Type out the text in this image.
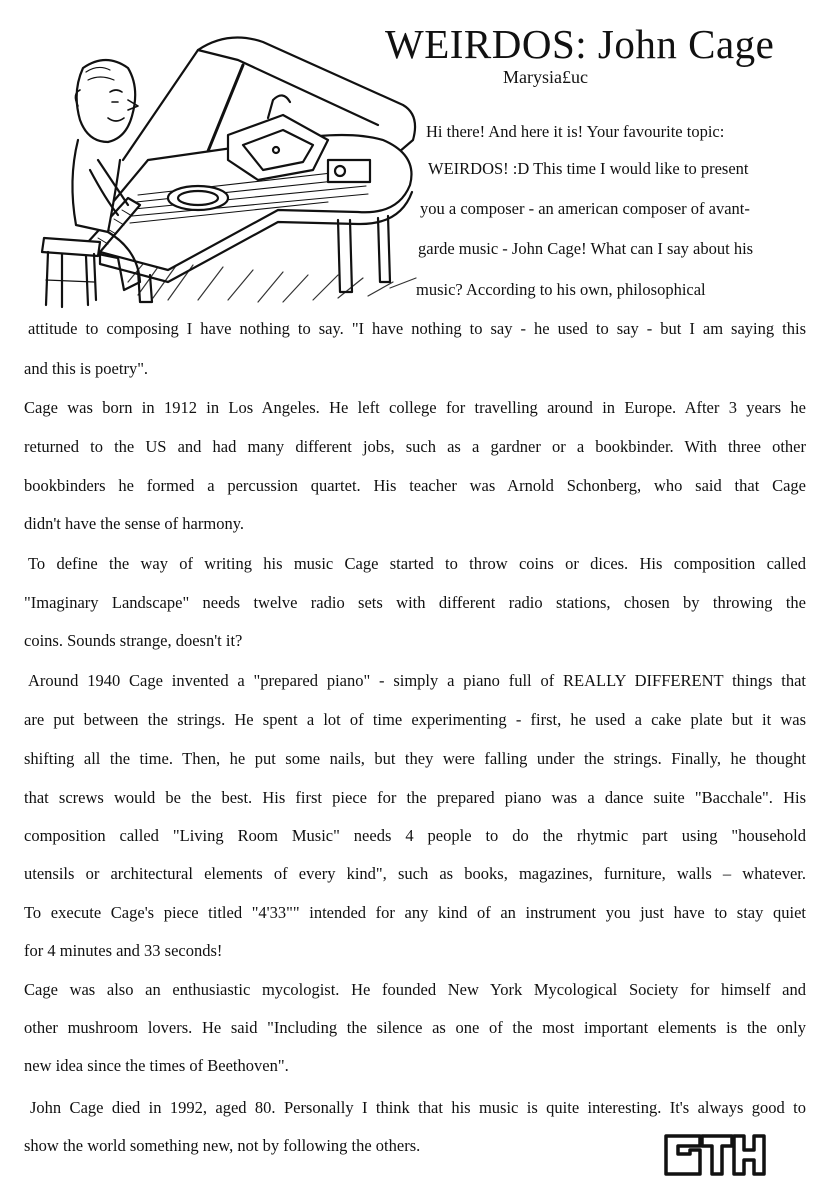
WEIRDOS: John Cage
Marysia£uc
Hi there! And here it is! Your favourite topic:
WEIRDOS! :D This time I would like to present
you a composer - an american composer of avant-
garde music - John Cage! What can I say about his
music? According to his own, philosophical
attitude to composing I have nothing to say. "I have nothing to say - he used to say - but I am saying this
and this is poetry".
Cage was born in 1912 in Los Angeles. He left college for travelling around in Europe. After 3 years he
returned to the US and had many different jobs, such as a gardner or a bookbinder. With three other
bookbinders he formed a percussion quartet. His teacher was Arnold Schonberg, who said that Cage
didn't have the sense of harmony.
To define the way of writing his music Cage started to throw coins or dices. His composition called
"Imaginary Landscape" needs twelve radio sets with different radio stations, chosen by throwing the
coins. Sounds strange, doesn't it?
Around 1940 Cage invented a "prepared piano" - simply a piano full of REALLY DIFFERENT things that
are put between the strings. He spent a lot of time experimenting - first, he used a cake plate but it was
shifting all the time. Then, he put some nails, but they were falling under the strings. Finally, he thought
that screws would be the best. His first piece for the prepared piano was a dance suite "Bacchale". His
composition called "Living Room Music" needs 4 people to do the rhytmic part using "household
utensils or architectural elements of every kind", such as books, magazines, furniture, walls – whatever.
To execute Cage's piece titled "4'33"" intended for any kind of an instrument you just have to stay quiet
for 4 minutes and 33 seconds!
Cage was also an enthusiastic mycologist. He founded New York Mycological Society for himself and
other mushroom lovers. He said "Including the silence as one of the most important elements is the only
new idea since the times of Beethoven".
John Cage died in 1992, aged 80. Personally I think that his music is quite interesting. It's always good to
show the world something new, not by following the others.
